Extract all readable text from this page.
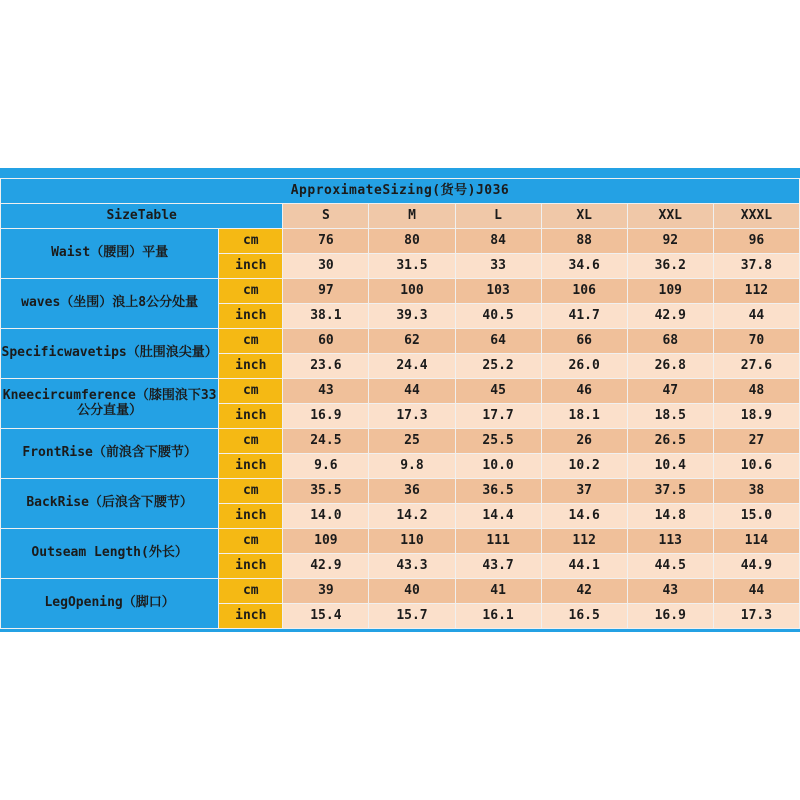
ApproximateSizing(货号)J036							
SizeTable		S	M	L	XL	XXL	XXXL
Waist（腰围）平量	cm	76	80	84	88	92	96

	inch	30	31.5	33	34.6	36.2	37.8
waves（坐围）浪上8公分处量	cm	97	100	103	106	109	112

	inch	38.1	39.3	40.5	41.7	42.9	44
Specificwavetips（肚围浪尖量）	cm	60	62	64	66	68	70

	inch	23.6	24.4	25.2	26.0	26.8	27.6
Kneecircumference（膝围浪下33公分直量）	cm	43	44	45	46	47	48

	inch	16.9	17.3	17.7	18.1	18.5	18.9
FrontRise（前浪含下腰节）	cm	24.5	25	25.5	26	26.5	27

	inch	9.6	9.8	10.0	10.2	10.4	10.6
BackRise（后浪含下腰节）	cm	35.5	36	36.5	37	37.5	38

	inch	14.0	14.2	14.4	14.6	14.8	15.0
Outseam Length(外长）	cm	109	110	111	112	113	114

	inch	42.9	43.3	43.7	44.1	44.5	44.9
LegOpening（脚口）	cm	39	40	41	42	43	44

	inch	15.4	15.7	16.1	16.5	16.9	17.3
